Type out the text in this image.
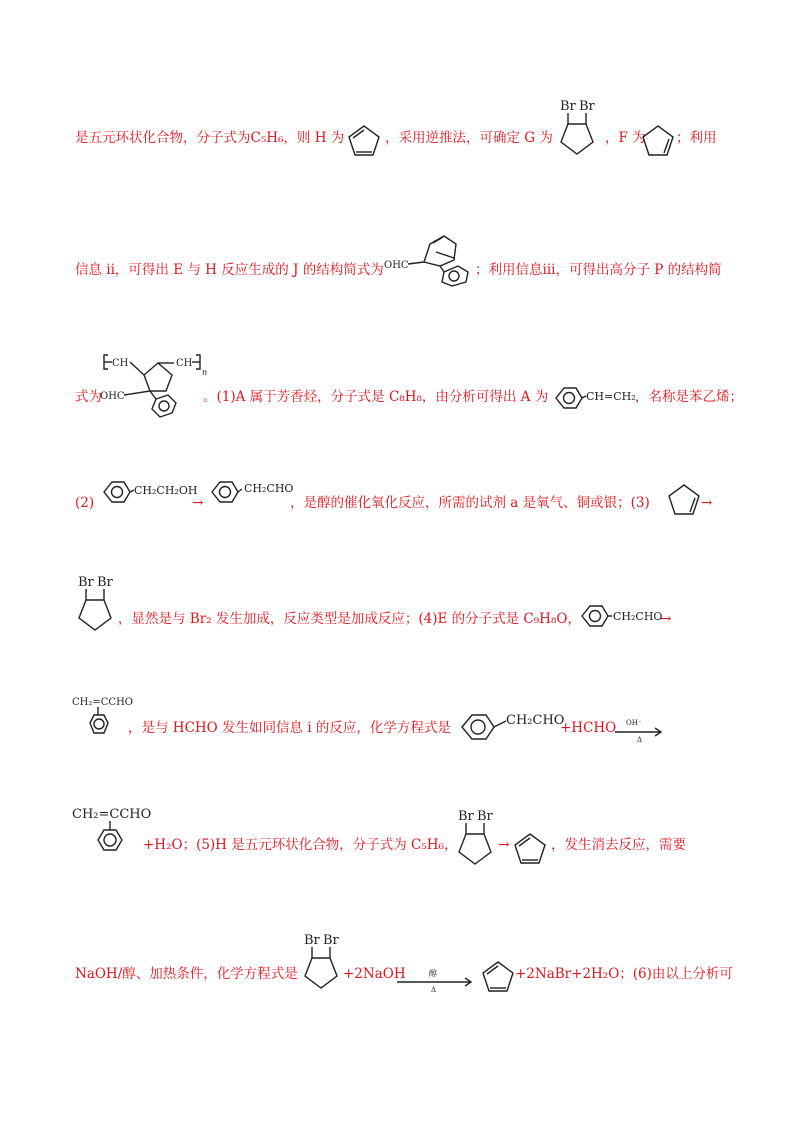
是五元环状化合物，分子式为C₅H₆，则 H 为	，采用逆推法，可确定 G 为
Br Br
，F 为 ；利用
信息 ii，可得出 E 与 H 反应生成的 J 的结构简式为 OHC	；利用信息iii，可得出高分子 P 的结构简
式为
CH	CH
n
OHC	。(1)A 属于芳香烃，分子式是 C₈H₈，由分析可得出 A 为	CH=CH₂ ，名称是苯乙烯；
(2)
CH₂CH₂OH
→
CH₂CHO
，是醇的催化氧化反应，所需的试剂 a 是氧气、铜或银；(3)	→
Br Br
，显然是与 Br₂ 发生加成，反应类型是加成反应；(4)E 的分子式是 C₉H₈O，	CH₂CHO
→
CH₂=CCHO
，是与 HCHO 发生如同信息 i 的反应，化学方程式是	CH₂CHO
+HCHO OH⁻
Δ
CH₂=CCHO
+H₂O；(5)H 是五元环状化合物，分子式为 C₅H₆，
Br Br
→	，发生消去反应，需要
NaOH/醇、加热条件，化学方程式是
Br Br
+2NaOH	醇
Δ
+2NaBr+2H₂O；(6)由以上分析可
